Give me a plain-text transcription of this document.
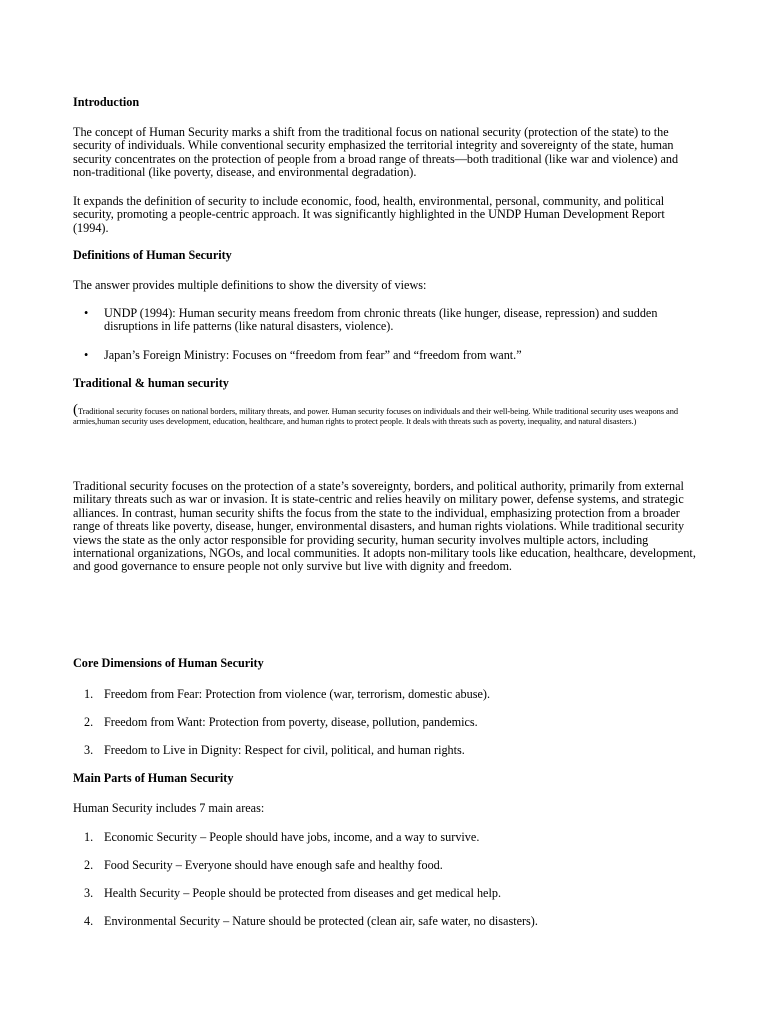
Introduction

The concept of Human Security marks a shift from the traditional focus on national security (protection of the state) to the security of individuals. While conventional security emphasized the territorial integrity and sovereignty of the state, human security concentrates on the protection of people from a broad range of threats—both traditional (like war and violence) and non-traditional (like poverty, disease, and environmental degradation).

It expands the definition of security to include economic, food, health, environmental, personal, community, and political security, promoting a people-centric approach. It was significantly highlighted in the UNDP Human Development Report (1994).

Definitions of Human Security

The answer provides multiple definitions to show the diversity of views:

•	UNDP (1994): Human security means freedom from chronic threats (like hunger, disease, repression) and sudden disruptions in life patterns (like natural disasters, violence).
•	Japan’s Foreign Ministry: Focuses on “freedom from fear” and “freedom from want.”
Traditional & human security
(Traditional security focuses on national borders, military threats, and power. Human security focuses on individuals and their well-being. While traditional security uses weapons and armies,human security uses development, education, healthcare, and human rights to protect people. It deals with threats such as poverty, inequality, and natural disasters.)

Traditional security focuses on the protection of a state’s sovereignty, borders, and political authority, primarily from external military threats such as war or invasion. It is state-centric and relies heavily on military power, defense systems, and strategic alliances. In contrast, human security shifts the focus from the state to the individual, emphasizing protection from a broader range of threats like poverty, disease, hunger, environmental disasters, and human rights violations. While traditional security views the state as the only actor responsible for providing security, human security involves multiple actors, including international organizations, NGOs, and local communities. It adopts non-military tools like education, healthcare, development, and good governance to ensure people not only survive but live with dignity and freedom.

Core Dimensions of Human Security
1. Freedom from Fear: Protection from violence (war, terrorism, domestic abuse).
2. Freedom from Want: Protection from poverty, disease, pollution, pandemics.
3. Freedom to Live in Dignity: Respect for civil, political, and human rights.
Main Parts of Human Security

Human Security includes 7 main areas:

1. Economic Security – People should have jobs, income, and a way to survive.
2. Food Security – Everyone should have enough safe and healthy food.
3. Health Security – People should be protected from diseases and get medical help.
4. Environmental Security – Nature should be protected (clean air, safe water, no disasters).
